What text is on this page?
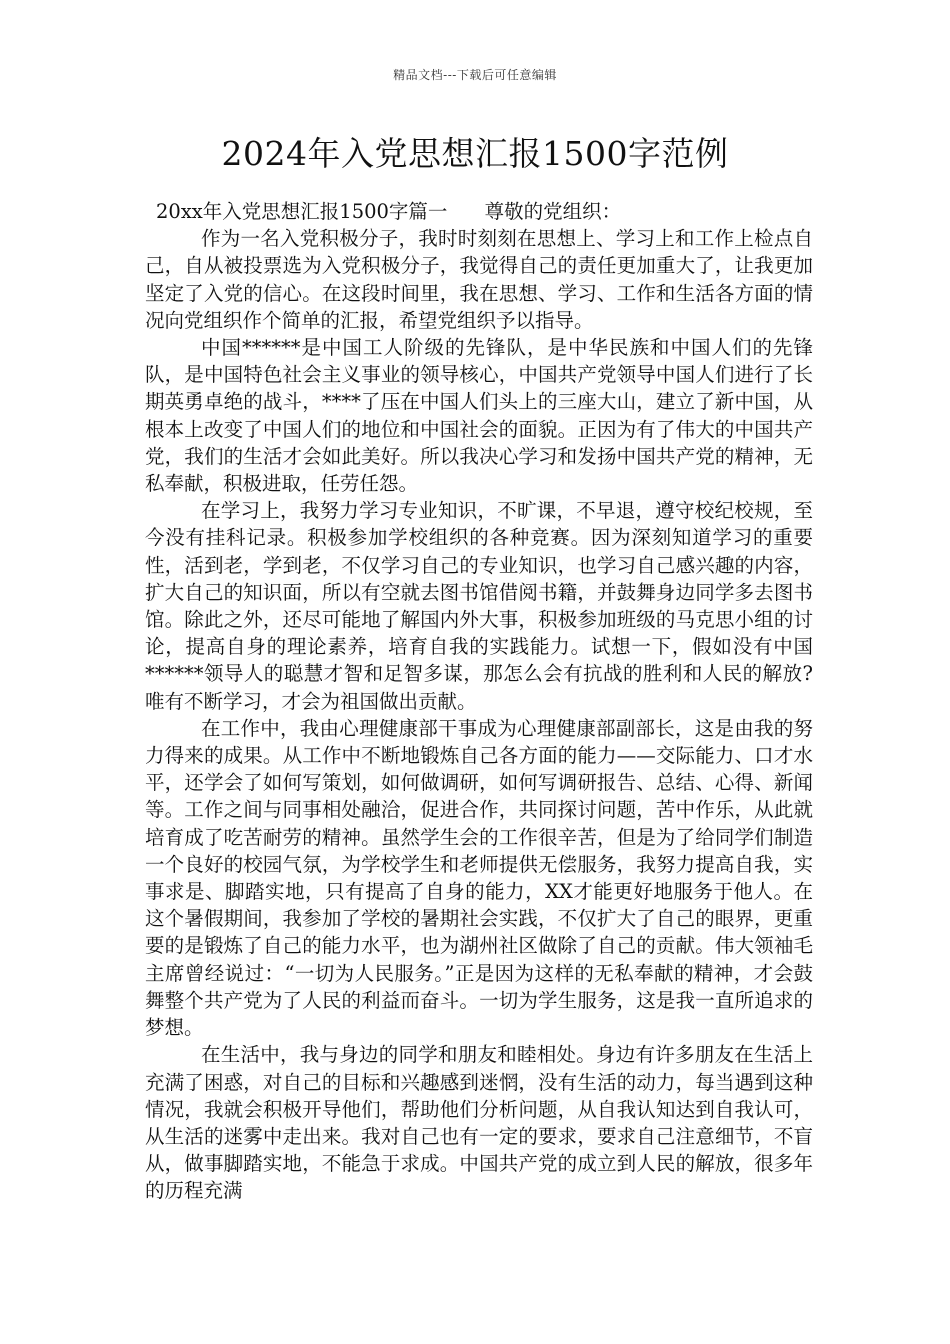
精品文档---下载后可任意编辑
2024年入党思想汇报1500字范例

20xx年入党思想汇报1500字篇一      尊敬的党组织：

作为一名入党积极分子，我时时刻刻在思想上、学习上和工作上检点自己，自从被投票选为入党积极分子，我觉得自己的责任更加重大了，让我更加坚定了入党的信心。在这段时间里，我在思想、学习、工作和生活各方面的情况向党组织作个简单的汇报，希望党组织予以指导。

中国******是中国工人阶级的先锋队，是中华民族和中国人们的先锋队，是中国特色社会主义事业的领导核心，中国共产党领导中国人们进行了长期英勇卓绝的战斗，****了压在中国人们头上的三座大山，建立了新中国，从根本上改变了中国人们的地位和中国社会的面貌。正因为有了伟大的中国共产党，我们的生活才会如此美好。所以我决心学习和发扬中国共产党的精神，无私奉献，积极进取，任劳任怨。

在学习上，我努力学习专业知识，不旷课，不早退，遵守校纪校规，至今没有挂科记录。积极参加学校组织的各种竞赛。因为深刻知道学习的重要性，活到老，学到老，不仅学习自己的专业知识，也学习自己感兴趣的内容，扩大自己的知识面，所以有空就去图书馆借阅书籍，并鼓舞身边同学多去图书馆。除此之外，还尽可能地了解国内外大事，积极参加班级的马克思小组的讨论，提高自身的理论素养，培育自我的实践能力。试想一下，假如没有中国******领导人的聪慧才智和足智多谋，那怎么会有抗战的胜利和人民的解放?唯有不断学习，才会为祖国做出贡献。

在工作中，我由心理健康部干事成为心理健康部副部长，这是由我的努力得来的成果。从工作中不断地锻炼自己各方面的能力——交际能力、口才水平，还学会了如何写策划，如何做调研，如何写调研报告、总结、心得、新闻等。工作之间与同事相处融洽，促进合作，共同探讨问题，苦中作乐，从此就培育成了吃苦耐劳的精神。虽然学生会的工作很辛苦，但是为了给同学们制造一个良好的校园气氛，为学校学生和老师提供无偿服务，我努力提高自我，实事求是、脚踏实地，只有提高了自身的能力，XX才能更好地服务于他人。在这个暑假期间，我参加了学校的暑期社会实践，不仅扩大了自己的眼界，更重要的是锻炼了自己的能力水平，也为湖州社区做除了自己的贡献。伟大领袖毛主席曾经说过：“一切为人民服务。”正是因为这样的无私奉献的精神，才会鼓舞整个共产党为了人民的利益而奋斗。一切为学生服务，这是我一直所追求的梦想。

在生活中，我与身边的同学和朋友和睦相处。身边有许多朋友在生活上充满了困惑，对自己的目标和兴趣感到迷惘，没有生活的动力，每当遇到这种情况，我就会积极开导他们，帮助他们分析问题，从自我认知达到自我认可，从生活的迷雾中走出来。我对自己也有一定的要求，要求自己注意细节，不盲从，做事脚踏实地，不能急于求成。中国共产党的成立到人民的解放，很多年的历程充满
